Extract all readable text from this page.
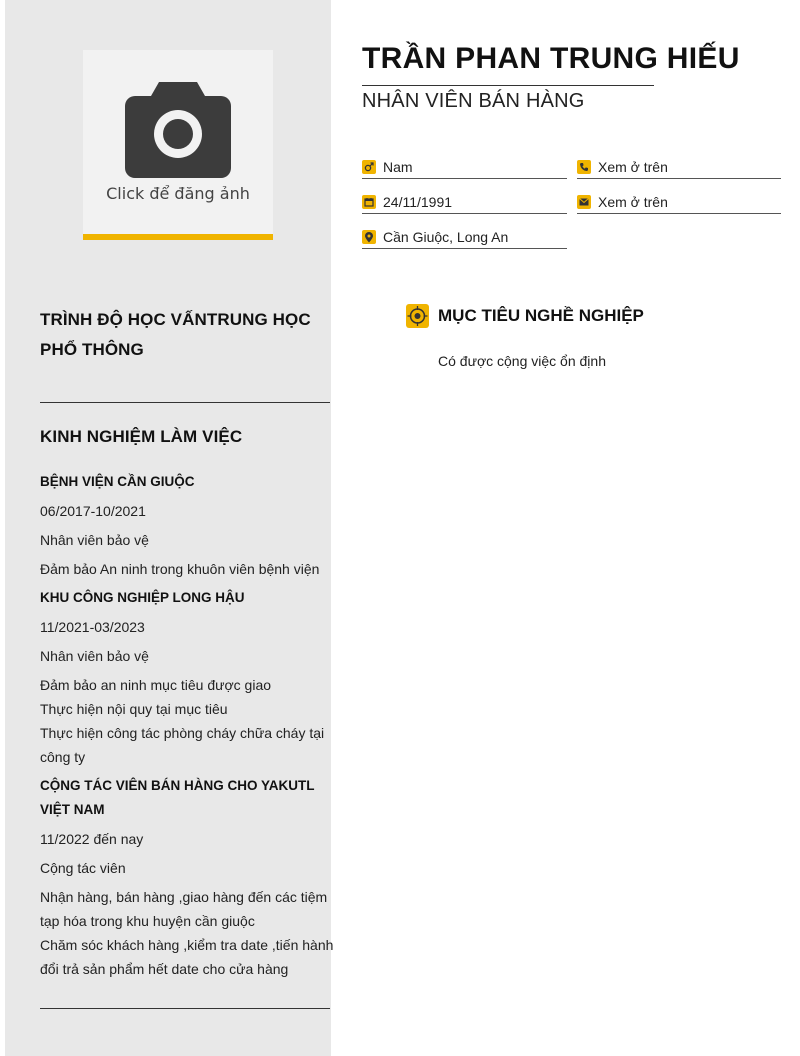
Click để đăng ảnh
TRÌNH ĐỘ HỌC VẤNTRUNG HỌC PHỔ THÔNG
KINH NGHIỆM LÀM VIỆC
BỆNH VIỆN CẦN GIUỘC
06/2017-10/2021
Nhân viên bảo vệ
Đảm bảo An ninh trong khuôn viên bệnh viện
KHU CÔNG NGHIỆP LONG HẬU
11/2021-03/2023
Nhân viên bảo vệ
Đảm bảo an ninh mục tiêu được giao
Thực hiện nội quy tại mục tiêu
Thực hiện công tác phòng cháy chữa cháy tại công ty
CỘNG TÁC VIÊN BÁN HÀNG CHO YAKUTL VIỆT NAM
11/2022 đến nay
Cộng tác viên
Nhận hàng, bán hàng ,giao hàng đến các tiệm tạp hóa trong khu huyện cần giuộc
Chăm sóc khách hàng ,kiểm tra date ,tiến hành đổi trả sản phẩm hết date cho cửa hàng
TRẦN PHAN TRUNG HIẾU
NHÂN VIÊN BÁN HÀNG
Nam	Xem ở trên
24/11/1991	Xem ở trên
Cần Giuộc, Long An
MỤC TIÊU NGHỀ NGHIỆP
Có được cộng việc ổn định
